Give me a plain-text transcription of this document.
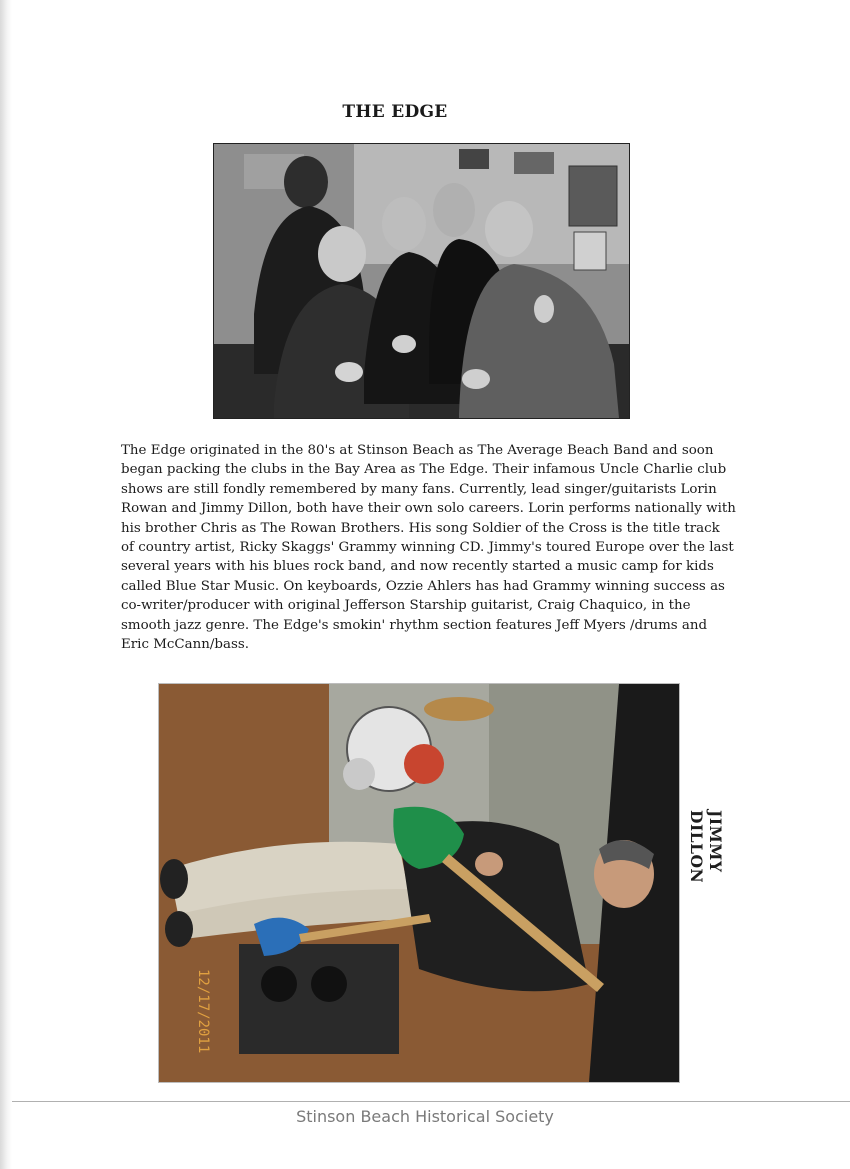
THE EDGE

The Edge originated in the 80's at Stinson Beach as The Average Beach Band and soon began packing the clubs in the Bay Area as The Edge. Their infamous Uncle Charlie club shows are still fondly remembered by many fans. Currently, lead singer/guitarists Lorin Rowan and Jimmy Dillon, both have their own solo careers. Lorin performs nationally with his brother Chris as The Rowan Brothers. His song Soldier of the Cross is the title track of country artist, Ricky Skaggs' Grammy winning CD. Jimmy's toured Europe over the last several years with his blues rock band, and now recently started a music camp for kids called Blue Star Music. On keyboards, Ozzie Ahlers has had Grammy winning success as co-writer/producer with original Jefferson Starship guitarist, Craig Chaquico, in the smooth jazz genre. The Edge's smokin' rhythm section features Jeff Myers /drums and Eric McCann/bass.

12/17/2011
JIMMY DILLON
Stinson Beach Historical Society
